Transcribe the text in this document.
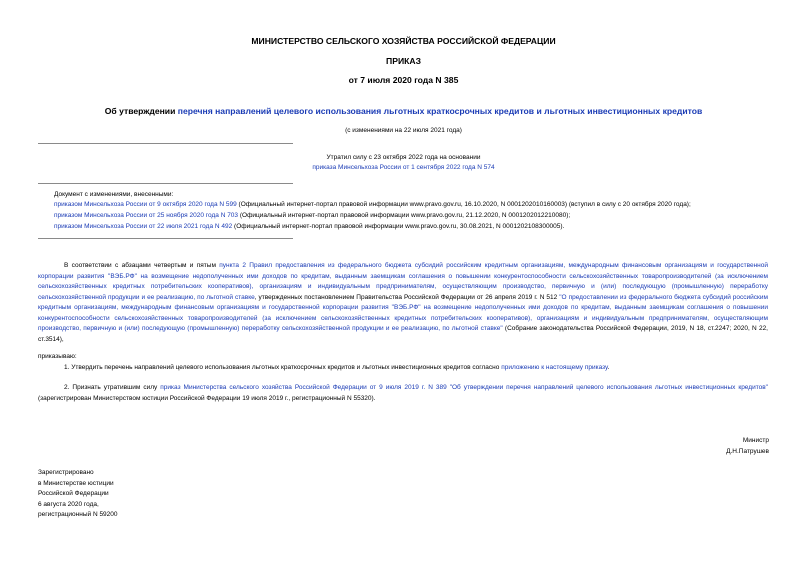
МИНИСТЕРСТВО СЕЛЬСКОГО ХОЗЯЙСТВА РОССИЙСКОЙ ФЕДЕРАЦИИ
ПРИКАЗ
от 7 июля 2020 года N 385
Об утверждении перечня направлений целевого использования льготных краткосрочных кредитов и льготных инвестиционных кредитов
(с изменениями на 22 июля 2021 года)
Утратил силу с 23 октября 2022 года на основании
приказа Минсельхоза России от 1 сентября 2022 года N 574
Документ с изменениями, внесенными:
приказом Минсельхоза России от 9 октября 2020 года N 599 (Официальный интернет-портал правовой информации www.pravo.gov.ru, 16.10.2020, N 0001202010160003) (вступил в силу с 20 октября 2020 года);
приказом Минсельхоза России от 25 ноября 2020 года N 703 (Официальный интернет-портал правовой информации www.pravo.gov.ru, 21.12.2020, N 0001202012210080);
приказом Минсельхоза России от 22 июля 2021 года N 492 (Официальный интернет-портал правовой информации www.pravo.gov.ru, 30.08.2021, N 0001202108300005).
В соответствии с абзацами четвертым и пятым пункта 2 Правил предоставления из федерального бюджета субсидий российским кредитным организациям, международным финансовым организациям и государственной корпорации развития "ВЭБ.РФ" на возмещение недополученных ими доходов по кредитам, выданным заемщикам соглашения о повышении конкурентоспособности сельскохозяйственных товаропроизводителей (за исключением сельскохозяйственных кредитных потребительских кооперативов), организациям и индивидуальным предпринимателям, осуществляющим производство, первичную и (или) последующую (промышленную) переработку сельскохозяйственной продукции и ее реализацию, по льготной ставке, утвержденных постановлением Правительства Российской Федерации от 26 апреля 2019 г. N 512 "О предоставлении из федерального бюджета субсидий российским кредитным организациям, международным финансовым организациям и государственной корпорации развития "ВЭБ.РФ" на возмещение недополученных ими доходов по кредитам, выданным заемщикам соглашения о повышении конкурентоспособности сельскохозяйственных товаропроизводителей (за исключением сельскохозяйственных кредитных потребительских кооперативов), организациям и индивидуальным предпринимателям, осуществляющим производство, первичную и (или) последующую (промышленную) переработку сельскохозяйственной продукции и ее реализацию, по льготной ставке" (Собрание законодательства Российской Федерации, 2019, N 18, ст.2247; 2020, N 22, ст.3514),
приказываю:
1. Утвердить перечень направлений целевого использования льготных краткосрочных кредитов и льготных инвестиционных кредитов согласно приложению к настоящему приказу.
2. Признать утратившим силу приказ Министерства сельского хозяйства Российской Федерации от 9 июля 2019 г. N 389 "Об утверждении перечня направлений целевого использования льготных инвестиционных кредитов" (зарегистрирован Министерством юстиции Российской Федерации 19 июля 2019 г., регистрационный N 55320).
Министр
Д.Н.Патрушев
Зарегистрировано
в Министерстве юстиции
Российской Федерации
6 августа 2020 года,
регистрационный N 59200
